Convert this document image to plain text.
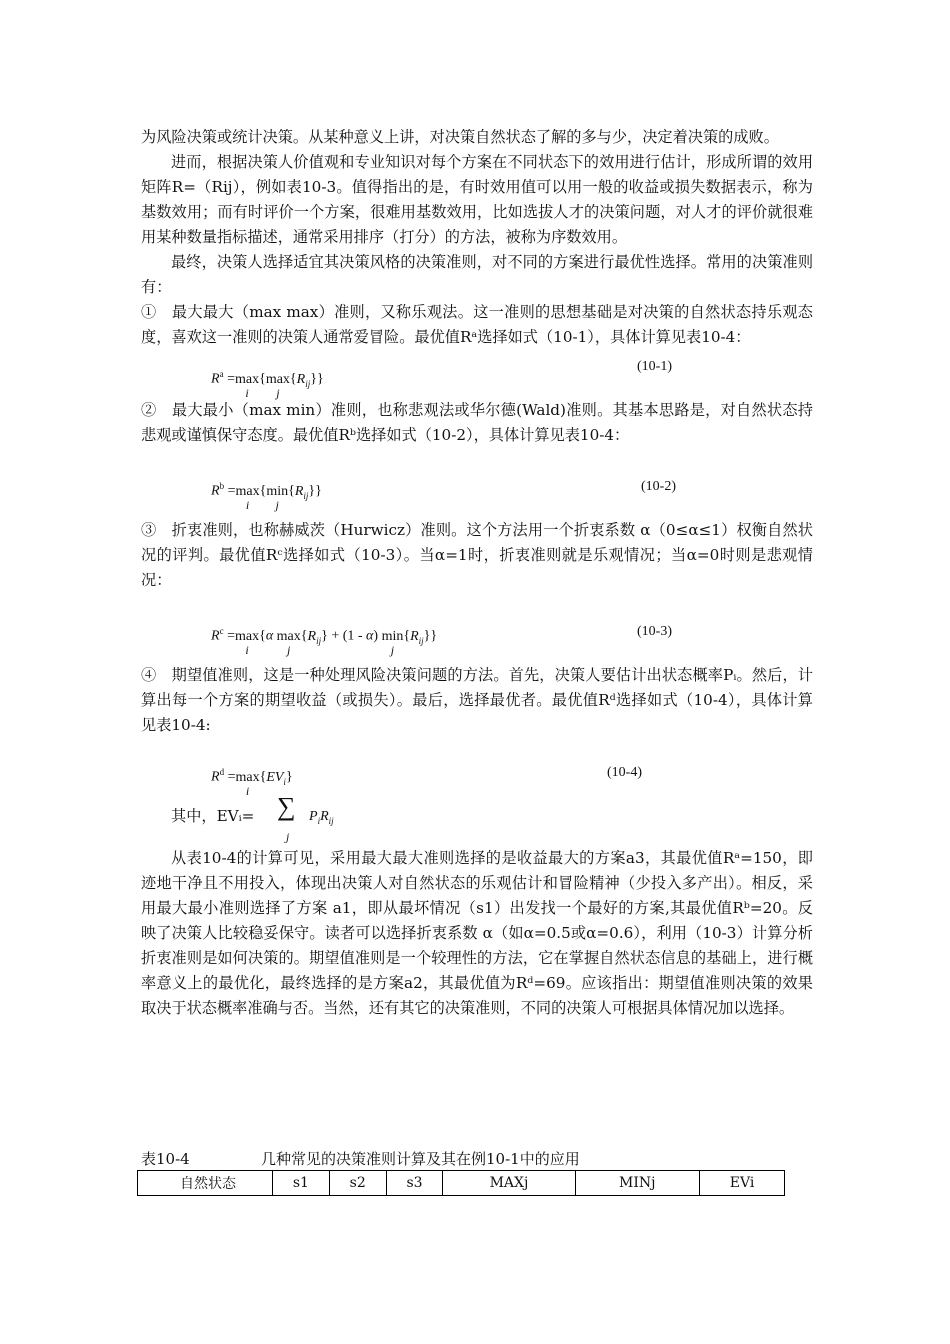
为风险决策或统计决策。从某种意义上讲，对决策自然状态了解的多与少，决定着决策的成败。

进而，根据决策人价值观和专业知识对每个方案在不同状态下的效用进行估计，形成所谓的效用矩阵R=（Rij），例如表10-3。值得指出的是，有时效用值可以用一般的收益或损失数据表示，称为基数效用；而有时评价一个方案，很难用基数效用，比如选拔人才的决策问题，对人才的评价就很难用某种数量指标描述，通常采用排序（打分）的方法，被称为序数效用。

最终，决策人选择适宜其决策风格的决策准则，对不同的方案进行最优性选择。常用的决策准则有：

①　最大最大（max max）准则，又称乐观法。这一准则的思想基础是对决策的自然状态持乐观态度，喜欢这一准则的决策人通常爱冒险。最优值Rᵃ选择如式（10-1），具体计算见表10-4：

$R^a =\max$
i
{max
j
$\{R_{ij}\}$}
(10-1)

②　最大最小（max min）准则，也称悲观法或华尔德(Wald)准则。其基本思路是，对自然状态持悲观或谨慎保守态度。最优值Rᵇ选择如式（10-2），具体计算见表10-4：

$R^b =\max$
i
{min
j
$\{R_{ij}\}$}	(10-2)

③　折衷准则，也称赫威茨（Hurwicz）准则。这个方法用一个折衷系数 α（0≤α≤1）权衡自然状况的评判。最优值Rᶜ选择如式（10-3）。当α=1时，折衷准则就是乐观情况；当α=0时则是悲观情况：

$R^c =\max$
i
{α max
j
$\{R_{ij}\} + (1 - \alpha)$ min
j
$\{R_{ij}\}$}	(10-3)

④　期望值准则，这是一种处理风险决策问题的方法。首先，决策人要估计出状态概率Pᵢ。然后，计算出每一个方案的期望收益（或损失）。最后，选择最优者。最优值Rᵈ选择如式（10-4），具体计算见表10-4:

$R^d =\max$
i
$\{EV_i\}$	(10-4)
其中，EVᵢ= ∑
j
$P_iR_{ij}$

从表10-4的计算可见，采用最大最大准则选择的是收益最大的方案a3，其最优值Rᵃ=150，即迹地干净且不用投入，体现出决策人对自然状态的乐观估计和冒险精神（少投入多产出）。相反，采用最大最小准则选择了方案 a1，即从最坏情况（s1）出发找一个最好的方案,其最优值Rᵇ=20。反映了决策人比较稳妥保守。读者可以选择折衷系数 α（如α=0.5或α=0.6），利用（10-3）计算分析折衷准则是如何决策的。期望值准则是一个较理性的方法，它在掌握自然状态信息的基础上，进行概率意义上的最优化，最终选择的是方案a2，其最优值为Rᵈ=69。应该指出：期望值准则决策的效果取决于状态概率准确与否。当然，还有其它的决策准则，不同的决策人可根据具体情况加以选择。

表10-4	几种常见的决策准则计算及其在例10-1中的应用
自然状态	s1	s2	s3	MAXj	MINj	EVi
